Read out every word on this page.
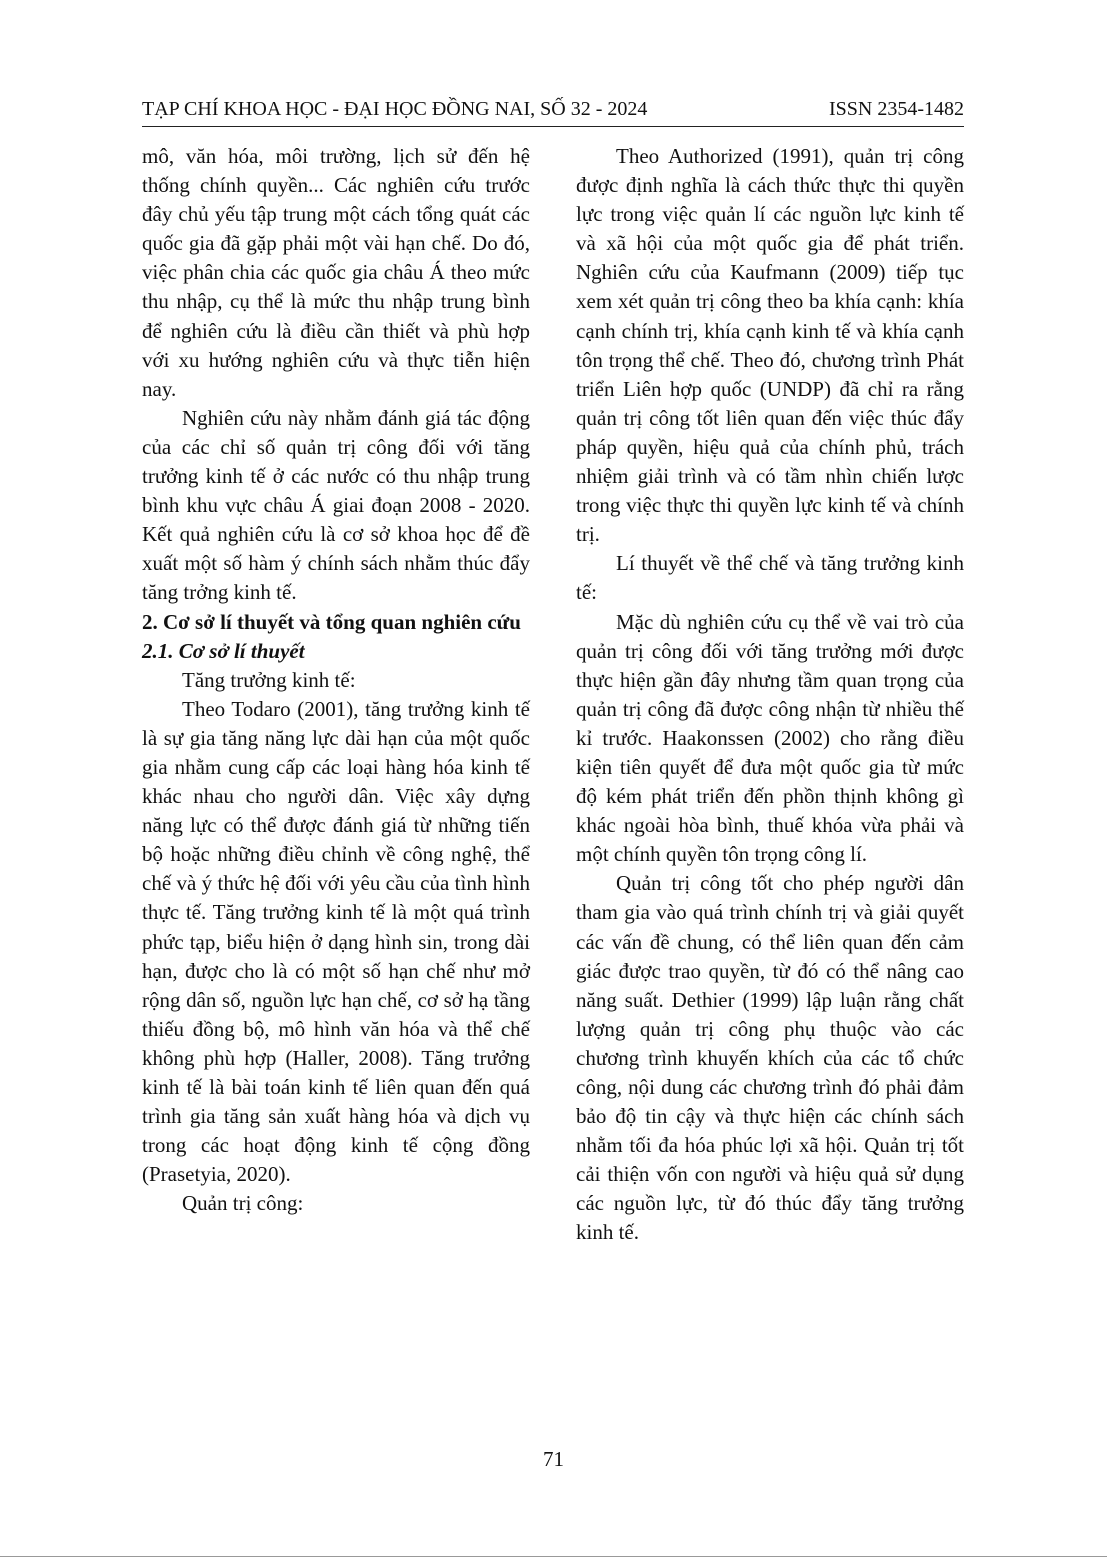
TẠP CHÍ KHOA HỌC - ĐẠI HỌC ĐỒNG NAI, SỐ 32 - 2024	ISSN 2354-1482

mô, văn hóa, môi trường, lịch sử đến hệ thống chính quyền... Các nghiên cứu trước đây chủ yếu tập trung một cách tổng quát các quốc gia đã gặp phải một vài hạn chế. Do đó, việc phân chia các quốc gia châu Á theo mức thu nhập, cụ thể là mức thu nhập trung bình để nghiên cứu là điều cần thiết và phù hợp với xu hướng nghiên cứu và thực tiễn hiện nay.

Nghiên cứu này nhằm đánh giá tác động của các chỉ số quản trị công đối với tăng trưởng kinh tế ở các nước có thu nhập trung bình khu vực châu Á giai đoạn 2008 - 2020. Kết quả nghiên cứu là cơ sở khoa học để đề xuất một số hàm ý chính sách nhằm thúc đẩy tăng trởng kinh tế.

2. Cơ sở lí thuyết và tổng quan nghiên cứu
2.1. Cơ sở lí thuyết

Tăng trưởng kinh tế:

Theo Todaro (2001), tăng trưởng kinh tế là sự gia tăng năng lực dài hạn của một quốc gia nhằm cung cấp các loại hàng hóa kinh tế khác nhau cho người dân. Việc xây dựng năng lực có thể được đánh giá từ những tiến bộ hoặc những điều chỉnh về công nghệ, thể chế và ý thức hệ đối với yêu cầu của tình hình thực tế. Tăng trưởng kinh tế là một quá trình phức tạp, biểu hiện ở dạng hình sin, trong dài hạn, được cho là có một số hạn chế như mở rộng dân số, nguồn lực hạn chế, cơ sở hạ tầng thiếu đồng bộ, mô hình văn hóa và thể chế không phù hợp (Haller, 2008). Tăng trưởng kinh tế là bài toán kinh tế liên quan đến quá trình gia tăng sản xuất hàng hóa và dịch vụ trong các hoạt động kinh tế cộng đồng (Prasetyia, 2020).

Quản trị công:

Theo Authorized (1991), quản trị công được định nghĩa là cách thức thực thi quyền lực trong việc quản lí các nguồn lực kinh tế và xã hội của một quốc gia để phát triển. Nghiên cứu của Kaufmann (2009) tiếp tục xem xét quản trị công theo ba khía cạnh: khía cạnh chính trị, khía cạnh kinh tế và khía cạnh tôn trọng thể chế. Theo đó, chương trình Phát triển Liên hợp quốc (UNDP) đã chỉ ra rằng quản trị công tốt liên quan đến việc thúc đẩy pháp quyền, hiệu quả của chính phủ, trách nhiệm giải trình và có tầm nhìn chiến lược trong việc thực thi quyền lực kinh tế và chính trị.

Lí thuyết về thể chế và tăng trưởng kinh tế:

Mặc dù nghiên cứu cụ thể về vai trò của quản trị công đối với tăng trưởng mới được thực hiện gần đây nhưng tầm quan trọng của quản trị công đã được công nhận từ nhiều thế kỉ trước. Haakonssen (2002) cho rằng điều kiện tiên quyết để đưa một quốc gia từ mức độ kém phát triển đến phồn thịnh không gì khác ngoài hòa bình, thuế khóa vừa phải và một chính quyền tôn trọng công lí.

Quản trị công tốt cho phép người dân tham gia vào quá trình chính trị và giải quyết các vấn đề chung, có thể liên quan đến cảm giác được trao quyền, từ đó có thể nâng cao năng suất. Dethier (1999) lập luận rằng chất lượng quản trị công phụ thuộc vào các chương trình khuyến khích của các tổ chức công, nội dung các chương trình đó phải đảm bảo độ tin cậy và thực hiện các chính sách nhằm tối đa hóa phúc lợi xã hội. Quản trị tốt cải thiện vốn con người và hiệu quả sử dụng các nguồn lực, từ đó thúc đẩy tăng trưởng kinh tế.

71
